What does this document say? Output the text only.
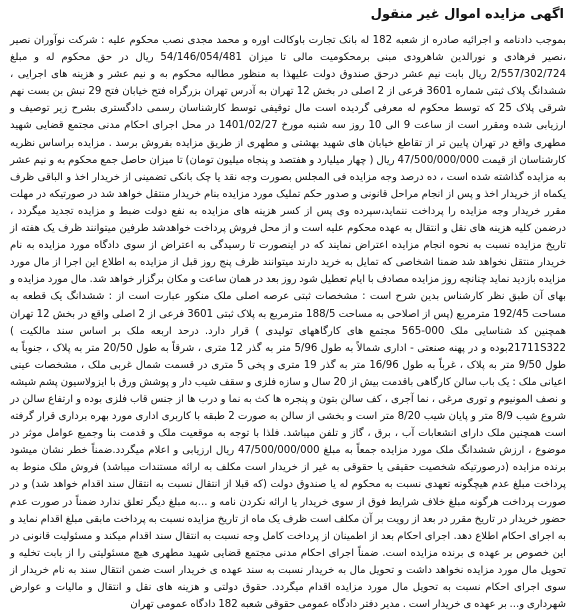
اگهی مزایده اموال غیر منقول

بموجب دادنامه و اجرائیه صادره از شعبه 182 له بانک تجارت باوکالت اوره و محمد مجدی نصب محکوم علیه : شرکت نوآوران نصیر ،نصیر فرهادی و نورالدین شاهرودی مبنی برمحکومیت مالی تا میزان 54/146/054/481 ریال در حق محکوم له و مبلغ 2/557/302/724 ریال بابت نیم عشر درحق صندوق دولت علیهذا به منظور مطالبه محکوم به و نیم عشر و هزینه های اجرایی ، ششدانگ پلاک ثبتی شماره 3601 فرعی از 2 اصلی در بخش 12 تهران به آدرس تهران بزرگراه فتح خیابان فتح 29 نبش بن بست نهم شرقی پلاک 25 که توسط محکوم له معرفی گردیده است مال توقیفی توسط کارشناسان رسمی دادگستری بشرح زیر توصیف و ارزیابی شده ومقرر است از ساعت 9 الی 10 روز سه شنبه مورخ 1401/02/27 در محل اجرای احکام مدنی مجتمع قضایی شهید مطهری واقع در تهران پایین تر از تقاطع خیابان های شهید بهشتی و مطهری از طریق مزایده بفروش برسد . مزایده براساس نظریه کارشناسان از قیمت 47/500/000/000 ریال ( چهار میلیارد و هفتصد و پنجاه میلیون تومان) تا میزان حاصل جمع محکوم به و نیم عشر به مزایده گذاشته شده است ، ده درصد وجه مزایده فی المجلس بصورت وجه نقد یا چک بانکی تضمینی از خریدار اخذ و الباقی ظرف یکماه از خریدار اخذ و پس از انجام مراحل قانونی و صدور حکم تملیک مورد مزایده بنام خریدار منتقل خواهد شد در صورتیکه در مهلت مقرر خریدار وجه مزایده را پرداخت ننماید،سپرده وی پس از کسر هزینه های مزایده به نفع دولت ضبط و مزایده تجدید میگردد ، درضمن کلیه هزینه های نقل و انتقال به عهده محکوم علیه است و از محل فروش پرداخت خواهدشد طرفین میتوانند ظرف یک هفته از تاریخ مزایده نسبت به نحوه انجام مزایده اعتراض نمایند که در اینصورت تا رسیدگی به اعتراض از سوی دادگاه مورد مزایده به نام خریدار منتقل نخواهد شد ضمنا اشخاصی که تمایل به خرید دارند میتوانند ظرف پنج روز قبل از مزایده به اطلاع این اجرا از مال مورد مزایده بازدید نماید چنانچه روز مزایده مصادف با ایام تعطیل شود روز بعد در همان ساعت و مکان برگزار خواهد شد. مال مورد مزایده و بهای آن طبق نظر کارشناس بدین شرح است : مشخصات ثبتی عرصه اصلی ملک منکور عبارت است از : ششدانگ یک قطعه به مساحت 192/45 مترمربع (پس از اصلاحی به مساحت 188/5 مترمربع به پلاک ثبتی 3601 فرعی از 2 اصلی واقع در بخش 12 تهران همچنین کد شناسایی ملک 000-565 مجتمع های کارگاههای تولیدی ) قرار دارد. درحد اربعه ملک بر اساس سند مالکیت ) 21711S322بوده و در پهنه صنعتی - اداری شمالاً به طول 5/96 متر به گذر 12 متری ، شرقاً به طول 20/50 متر به پلاک ، جنوباً به طول 9/50 متر به پلاک ، غرباً به طول 16/96 متر به گذر 19 متری و پخی 5 متری در قسمت شمال غربی ملک ، مشخصات عینی اعیانی ملک : یک باب سالن کارگاهی باقدمت بیش از 20 سال و سازه فلزی و سقف شیب دار و پوشش ورق با ایزولاسیون پشم شیشه و نصف المونیوم و توری مرغی ، نما آجری ، کف سالن بتون و پنجره ها کث به نما و درب ها از جنس قاب فلزی بوده و ارتفاع سالن در شروع شیب 8/9 متر و پایان شیب 8/20 متر است و بخشی از سالن به صورت 2 طبقه با کاربری اداری مورد بهره برداری قرار گرفته است همچنین ملک دارای انشعابات آب ، برق ، گاز و تلفن میباشد. فلذا با توجه به موقعیت ملک و قدمت بنا وجمیع عوامل موثر در موضوع ، ارزش ششدانگ ملک مورد مزایده جمعاً به مبلغ 47/500/000/000 ریال ارزیابی و اعلام میگردد.ضمناً خطر نشان میشود برنده مزایده (درصورتیکه شخصیت حقیقی یا حقوقی به غیر از خریدار است مکلف به ارائه مستندات میباشد) فروش ملک منوط به پرداخت مبلغ عدم هیچگونه تعهدی نسبت به محکوم له یا صندوق دولت (که قبلا از انتقال نسبت به انتقال سند اقدام خواهد شد) و در صورت پرداخت هرگونه مبلغ خلاف شرایط فوق از سوی خریدار یا ارائه نکردن نامه و ...به مبلغ دیگر تعلق ندارد ضمناً در صورت عدم حضور خریدار در تاریخ مقرر در بعد از رویت بر آن مکلف است ظرف یک ماه از تاریخ مزایده نسبت به پرداخت مابقی مبلغ اقدام نماید و به اجرای احکام اطلاع دهد. اجرای احکام بعد از اطمینان از پرداخت کامل وجه نسبت به انتقال سند اقدام میکند و مسئولیت قانونی در این خصوص بر عهده ی برنده مزایده است. ضمناً اجرای احکام مدنی مجتمع قضایی شهید مطهری هیچ مسئولیتی را از بابت تخلیه و تحویل مال مورد مزایده نخواهد داشت و تحویل مال به خریدار نسبت به سند عهده ی خریدار است ضمن انتقال سند به نام خریدار از سوی اجرای احکام نسبت به تحویل مال مورد مزایده اقدام میگردد. حقوق دولتی و هزینه های نقل و انتقال و مالیات و عوارض شهرداری و... بر عهده ی خریدار است . مدیر دفتر دادگاه عمومی حقوقی شعبه 182 دادگاه عمومی تهران
